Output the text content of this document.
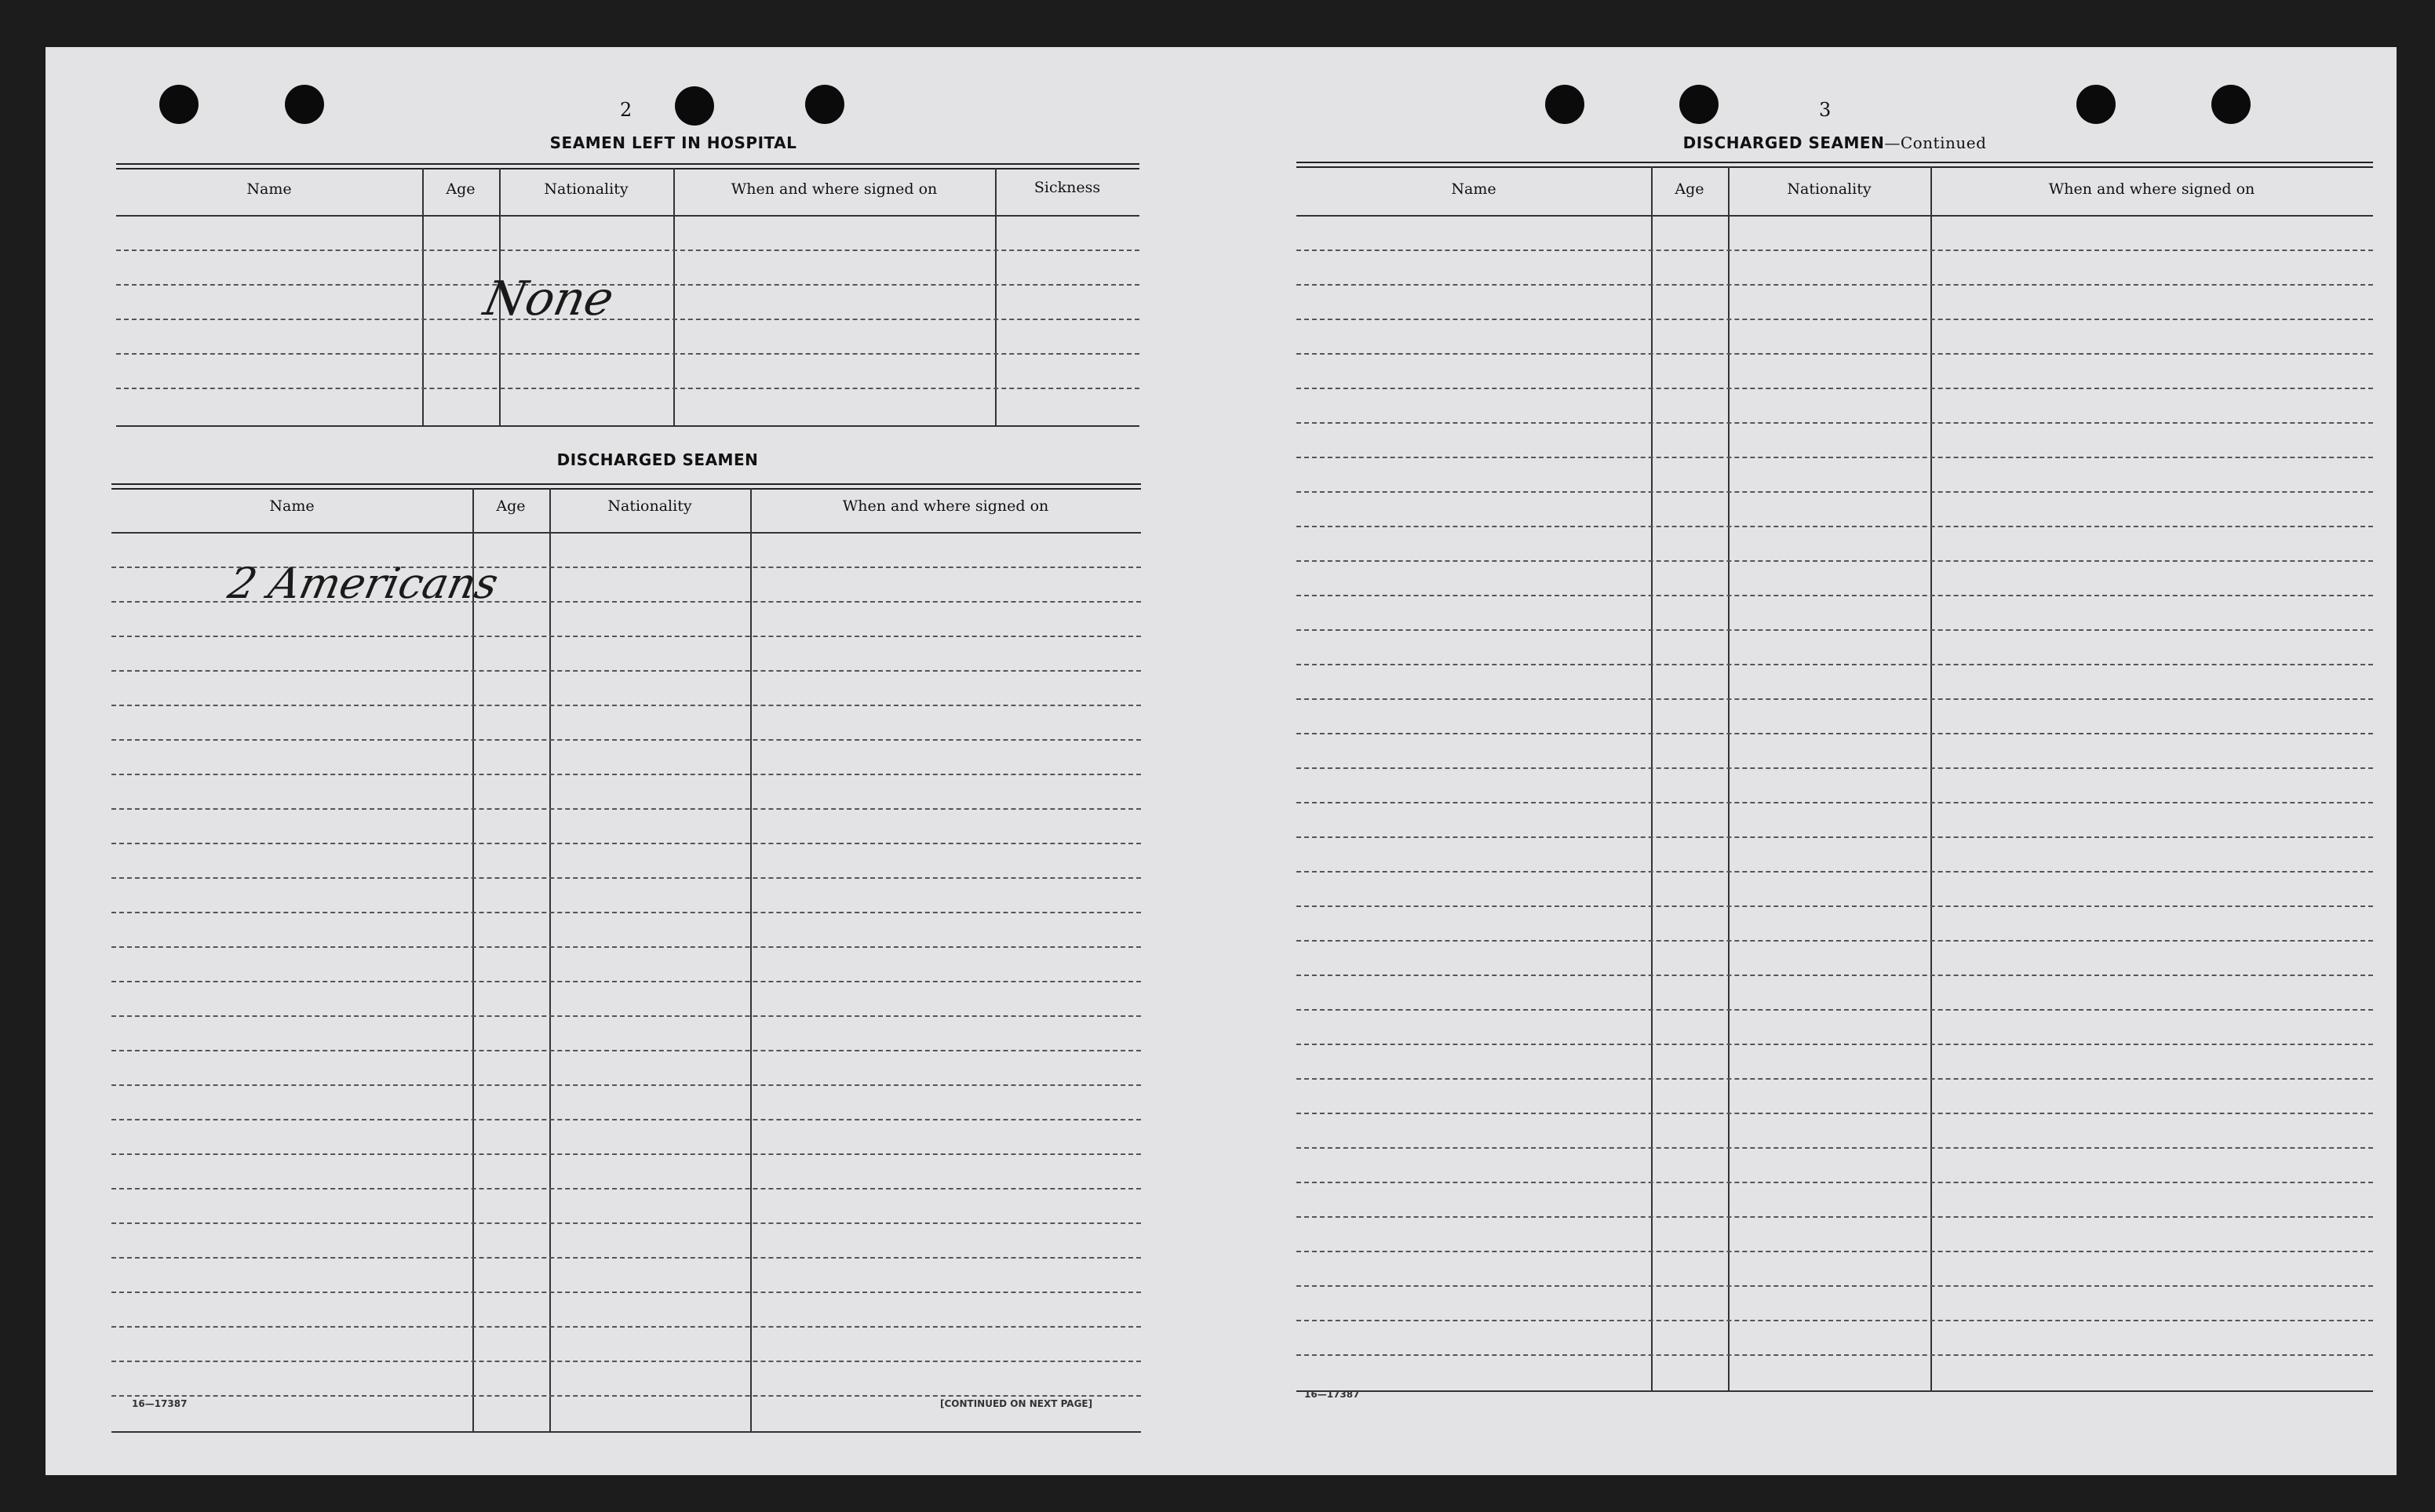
2
SEAMEN LEFT IN HOSPITAL
Name	Age	Nationality	When and where signed on	Sickness
None
DISCHARGED SEAMEN
Name	Age	Nationality	When and where signed on
2 Americans
16—17387	[CONTINUED ON NEXT PAGE]
3
DISCHARGED SEAMEN—Continued
Name	Age	Nationality	When and where signed on
16—17387
